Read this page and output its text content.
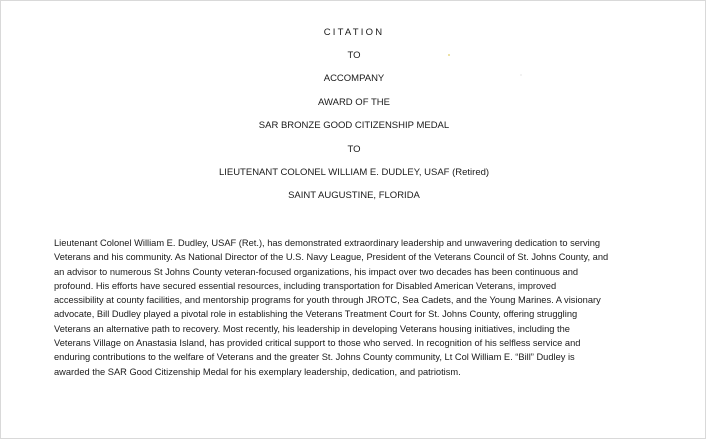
CITATION
TO
ACCOMPANY
AWARD OF THE
SAR BRONZE GOOD CITIZENSHIP MEDAL
TO
LIEUTENANT COLONEL WILLIAM E. DUDLEY, USAF (Retired)
SAINT AUGUSTINE, FLORIDA
Lieutenant Colonel William E. Dudley, USAF (Ret.), has demonstrated extraordinary leadership and unwavering dedication to serving
Veterans and his community. As National Director of the U.S. Navy League, President of the Veterans Council of St. Johns County, and
an advisor to numerous St Johns County veteran-focused organizations, his impact over two decades has been continuous and
profound. His efforts have secured essential resources, including transportation for Disabled American Veterans, improved
accessibility at county facilities, and mentorship programs for youth through JROTC, Sea Cadets, and the Young Marines. A visionary
advocate, Bill Dudley played a pivotal role in establishing the Veterans Treatment Court for St. Johns County, offering struggling
Veterans an alternative path to recovery. Most recently, his leadership in developing Veterans housing initiatives, including the
Veterans Village on Anastasia Island, has provided critical support to those who served. In recognition of his selfless service and
enduring contributions to the welfare of Veterans and the greater St. Johns County community, Lt Col William E. “Bill” Dudley is
awarded the SAR Good Citizenship Medal for his exemplary leadership, dedication, and patriotism.
